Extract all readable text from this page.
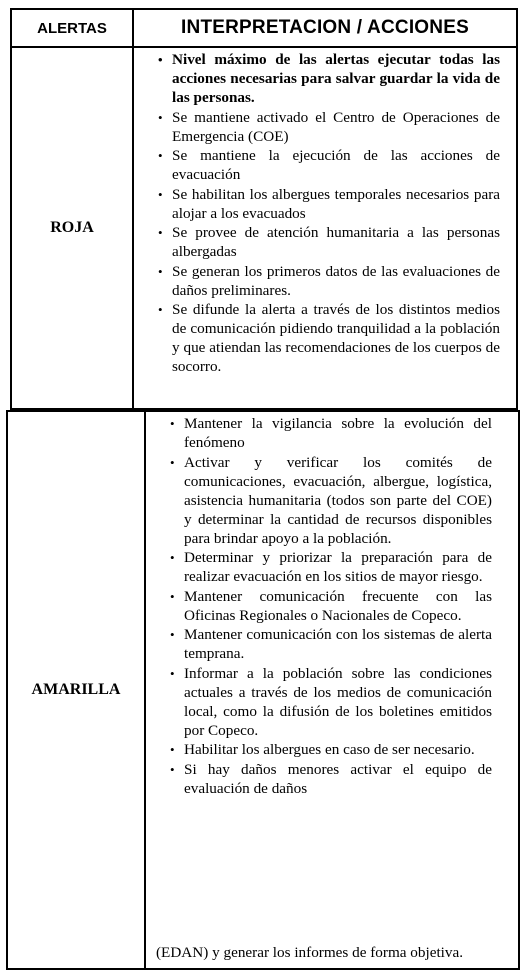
ALERTAS	INTERPRETACION / ACCIONES
ROJA
• Nivel máximo de las alertas ejecutar todas las acciones necesarias para salvar guardar la vida de las personas.
• Se mantiene activado el Centro de Operaciones de Emergencia (COE)
• Se mantiene la ejecución de las acciones de evacuación
• Se habilitan los albergues temporales necesarios para alojar a los evacuados
• Se provee de atención humanitaria a las personas albergadas
• Se generan los primeros datos de las evaluaciones de daños preliminares.
• Se difunde la alerta a través de los distintos medios de comunicación pidiendo tranquilidad a la población y que atiendan las recomendaciones de los cuerpos de socorro.
AMARILLA
• Mantener la vigilancia sobre la evolución del fenómeno
• Activar y verificar los comités de comunicaciones, evacuación, albergue, logística, asistencia humanitaria (todos son parte del COE) y determinar la cantidad de recursos disponibles para brindar apoyo a la población.
• Determinar y priorizar la preparación para de realizar evacuación en los sitios de mayor riesgo.
• Mantener comunicación frecuente con las Oficinas Regionales o Nacionales de Copeco.
• Mantener comunicación con los sistemas de alerta temprana.
• Informar a la población sobre las condiciones actuales a través de los medios de comunicación local, como la difusión de los boletines emitidos por Copeco.
• Habilitar los albergues en caso de ser necesario.
• Si hay daños menores activar el equipo de evaluación de daños
(EDAN) y generar los informes de forma objetiva.
